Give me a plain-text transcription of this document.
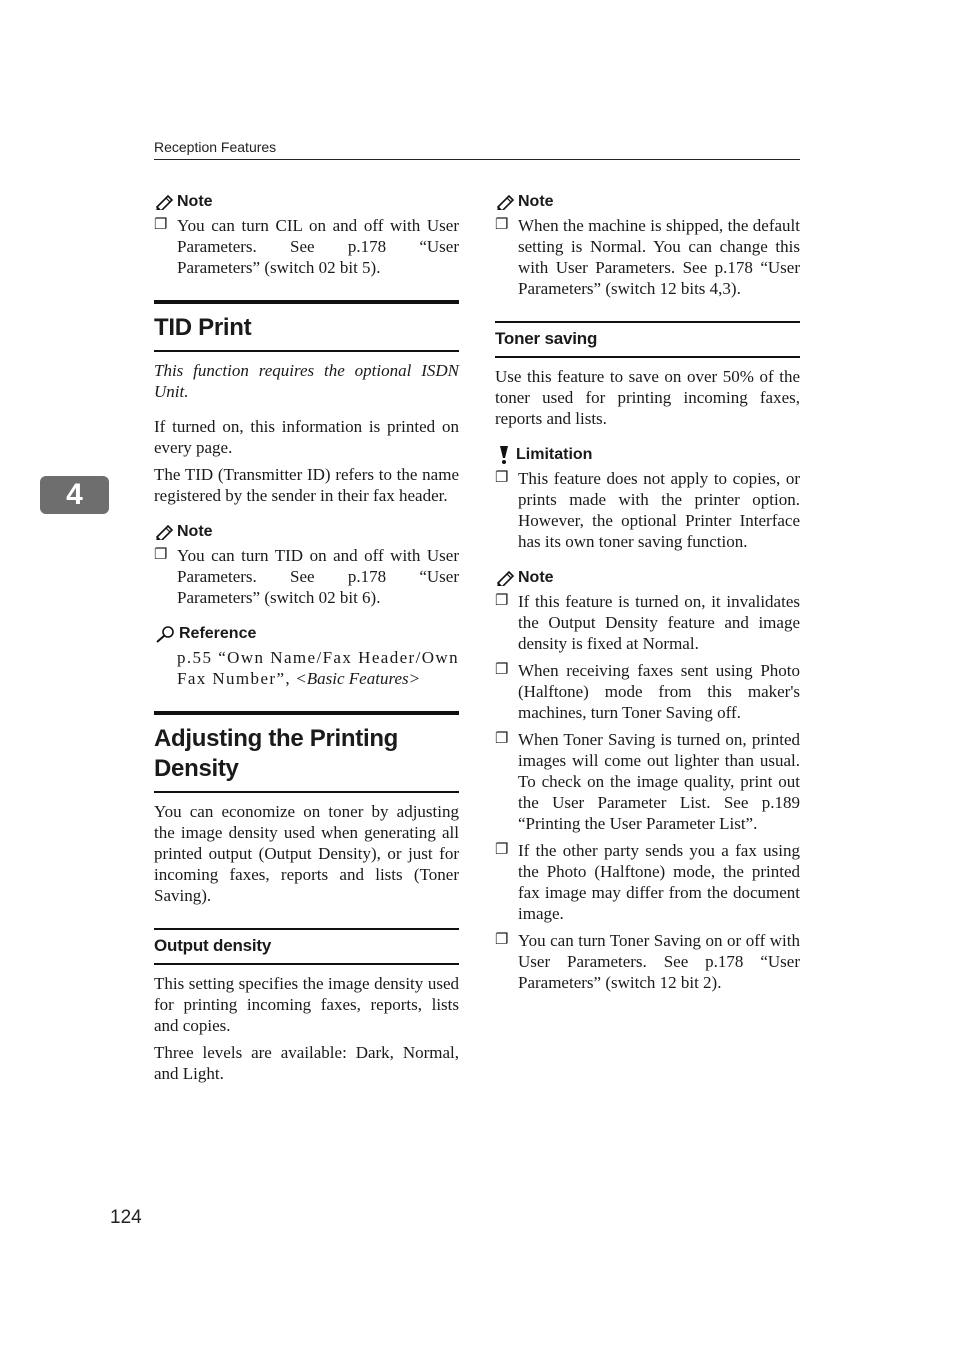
Reception Features
4
Note
❐ You can turn CIL on and off with User Parameters. See p.178 “User Parameters” (switch 02 bit 5).
TID Print
This function requires the optional ISDN Unit.
If turned on, this information is printed on every page.
The TID (Transmitter ID) refers to the name registered by the sender in their fax header.
Note
❐ You can turn TID on and off with User Parameters. See p.178 “User Parameters” (switch 02 bit 6).
Reference
p.55 “Own Name/Fax Header/Own Fax Number”, <Basic Features>
Adjusting the Printing Density
You can economize on toner by adjusting the image density used when generating all printed output (Output Density), or just for incoming faxes, reports and lists (Toner Saving).
Output density
This setting specifies the image density used for printing incoming faxes, reports, lists and copies.
Three levels are available: Dark, Normal, and Light.
Note
❐ When the machine is shipped, the default setting is Normal. You can change this with User Parameters. See p.178 “User Parameters” (switch 12 bits 4,3).
Toner saving
Use this feature to save on over 50% of the toner used for printing incoming faxes, reports and lists.
Limitation
❐ This feature does not apply to copies, or prints made with the printer option. However, the optional Printer Interface has its own toner saving function.
Note
❐ If this feature is turned on, it invalidates the Output Density feature and image density is fixed at Normal.
❐ When receiving faxes sent using Photo (Halftone) mode from this maker's machines, turn Toner Saving off.
❐ When Toner Saving is turned on, printed images will come out lighter than usual. To check on the image quality, print out the User Parameter List. See p.189 “Printing the User Parameter List”.
❐ If the other party sends you a fax using the Photo (Halftone) mode, the printed fax image may differ from the document image.
❐ You can turn Toner Saving on or off with User Parameters. See p.178 “User Parameters” (switch 12 bit 2).
124
